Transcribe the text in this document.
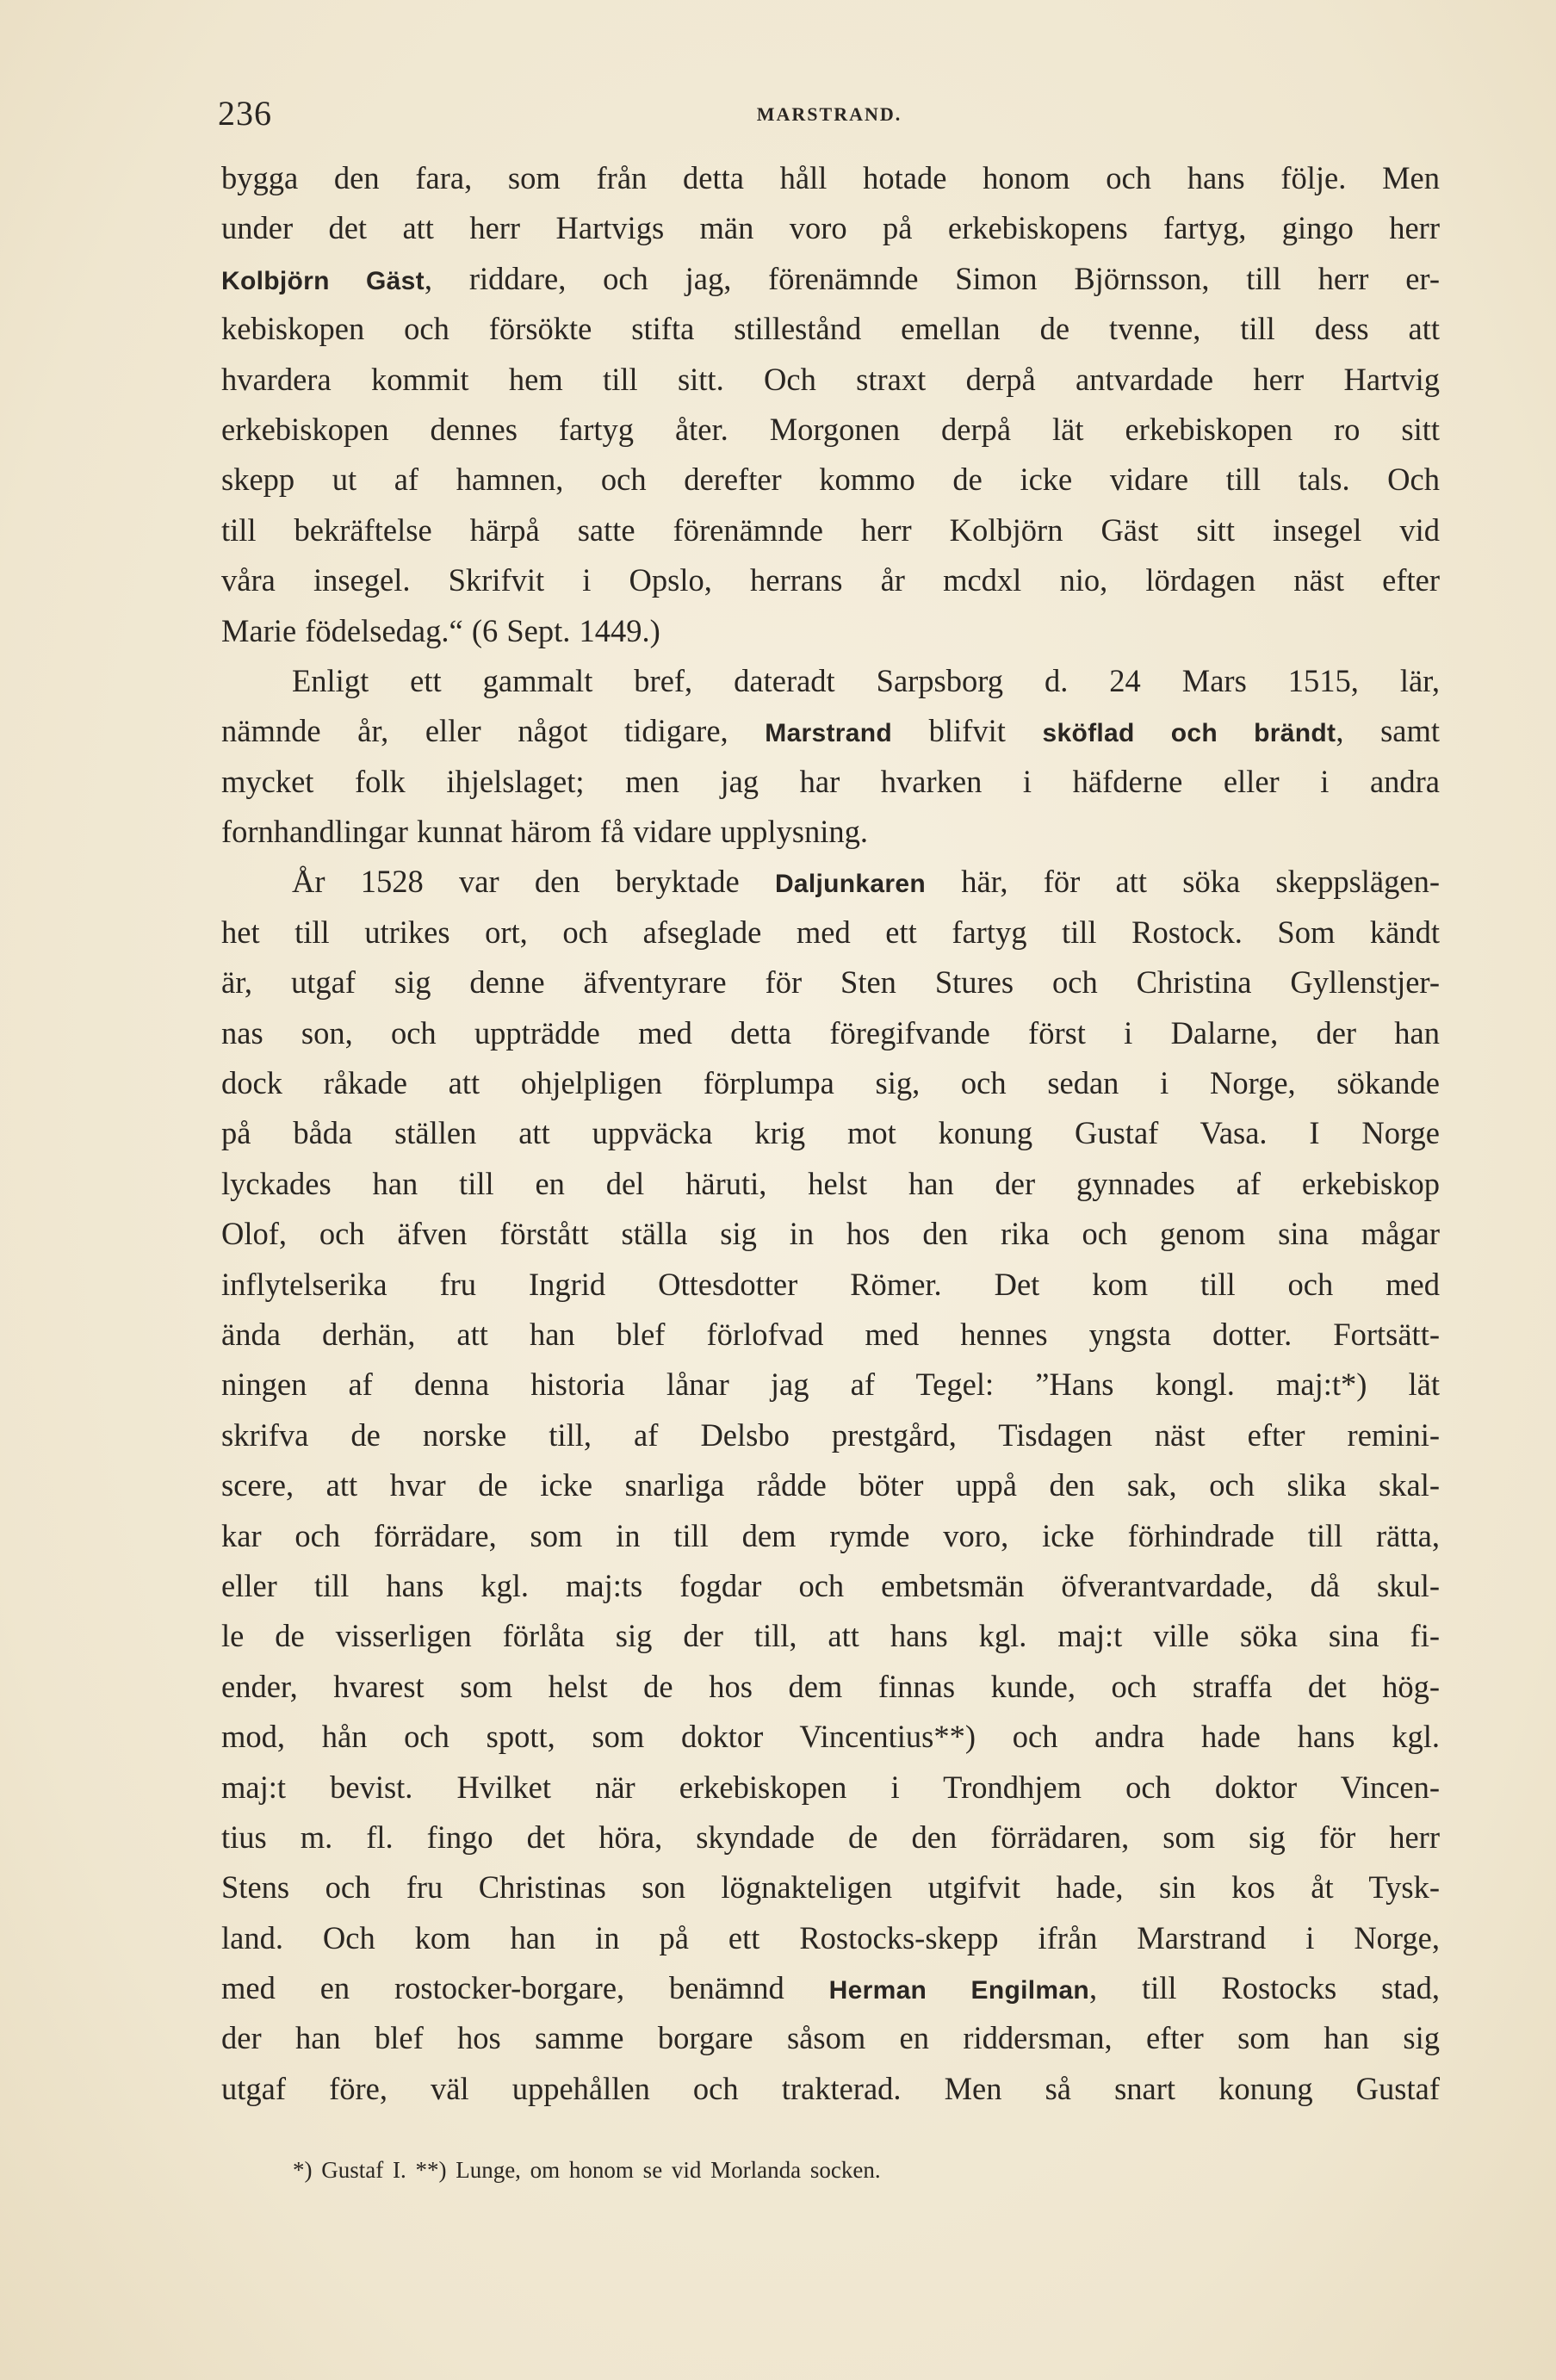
236	MARSTRAND.
bygga den fara, som från detta håll hotade honom och hans följe. Men
under det att herr Hartvigs män voro på erkebiskopens fartyg, gingo herr
Kolbjörn Gäst, riddare, och jag, förenämnde Simon Björnsson, till herr er-
kebiskopen och försökte stifta stillestånd emellan de tvenne, till dess att
hvardera kommit hem till sitt. Och straxt derpå antvardade herr Hartvig
erkebiskopen dennes fartyg åter. Morgonen derpå lät erkebiskopen ro sitt
skepp ut af hamnen, och derefter kommo de icke vidare till tals. Och
till bekräftelse härpå satte förenämnde herr Kolbjörn Gäst sitt insegel vid
våra insegel. Skrifvit i Opslo, herrans år mcdxl nio, lördagen näst efter
Marie födelsedag.“ (6 Sept. 1449.)
Enligt ett gammalt bref, dateradt Sarpsborg d. 24 Mars 1515, lär,
nämnde år, eller något tidigare, Marstrand blifvit sköflad och brändt, samt
mycket folk ihjelslaget; men jag har hvarken i häfderne eller i andra
fornhandlingar kunnat härom få vidare upplysning.
År 1528 var den beryktade Daljunkaren här, för att söka skeppslägen-
het till utrikes ort, och afseglade med ett fartyg till Rostock. Som kändt
är, utgaf sig denne äfventyrare för Sten Stures och Christina Gyllenstjer-
nas son, och uppträdde med detta föregifvande först i Dalarne, der han
dock råkade att ohjelpligen förplumpa sig, och sedan i Norge, sökande
på båda ställen att uppväcka krig mot konung Gustaf Vasa. I Norge
lyckades han till en del häruti, helst han der gynnades af erkebiskop
Olof, och äfven förstått ställa sig in hos den rika och genom sina mågar
inflytelserika fru Ingrid Ottesdotter Römer. Det kom till och med
ända derhän, att han blef förlofvad med hennes yngsta dotter. Fortsätt-
ningen af denna historia lånar jag af Tegel: ”Hans kongl. maj:t*) lät
skrifva de norske till, af Delsbo prestgård, Tisdagen näst efter remini-
scere, att hvar de icke snarliga rådde böter uppå den sak, och slika skal-
kar och förrädare, som in till dem rymde voro, icke förhindrade till rätta,
eller till hans kgl. maj:ts fogdar och embetsmän öfverantvardade, då skul-
le de visserligen förlåta sig der till, att hans kgl. maj:t ville söka sina fi-
ender, hvarest som helst de hos dem finnas kunde, och straffa det hög-
mod, hån och spott, som doktor Vincentius**) och andra hade hans kgl.
maj:t bevist. Hvilket när erkebiskopen i Trondhjem och doktor Vincen-
tius m. fl. fingo det höra, skyndade de den förrädaren, som sig för herr
Stens och fru Christinas son lögnakteligen utgifvit hade, sin kos åt Tysk-
land. Och kom han in på ett Rostocks-skepp ifrån Marstrand i Norge,
med en rostocker-borgare, benämnd Herman Engilman, till Rostocks stad,
der han blef hos samme borgare såsom en riddersman, efter som han sig
utgaf före, väl uppehållen och trakterad. Men så snart konung Gustaf
*) Gustaf I. **) Lunge, om honom se vid Morlanda socken.
